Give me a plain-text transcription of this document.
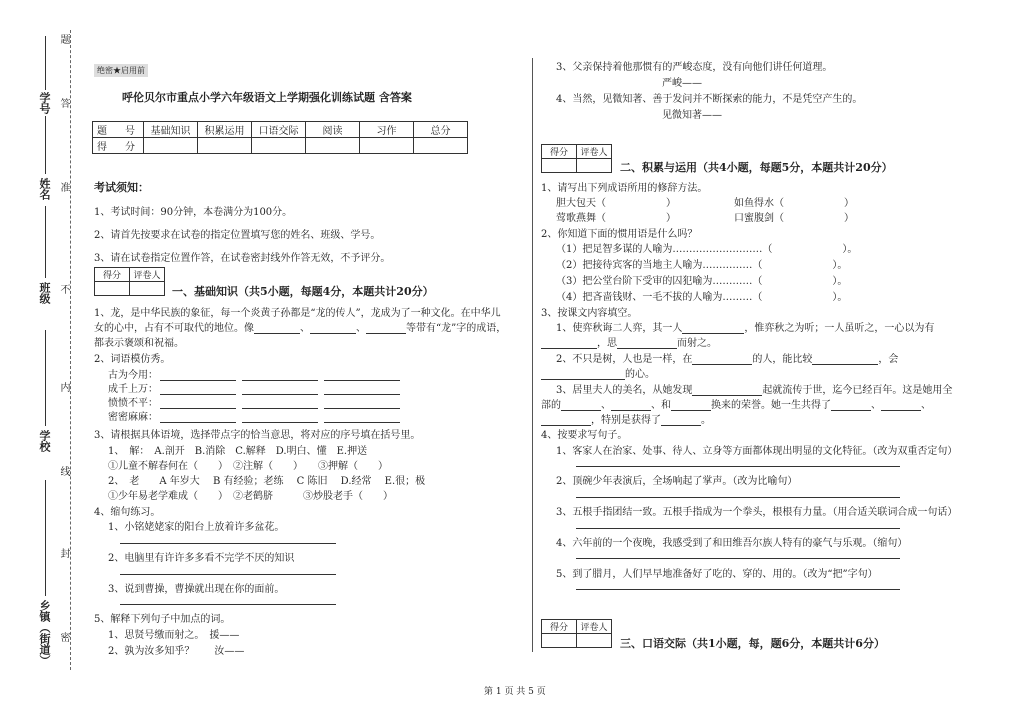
学号
姓名
班级
学校
乡镇（街道）
题
答
准
不
内
线
封
密
绝密★启用前
呼伦贝尔市重点小学六年级语文上学期强化训练试题 含答案
题　号	基础知识	积累运用	口语交际	阅读	习作	总分
得　分						
考试须知：
1、考试时间：90分钟，本卷满分为100分。
2、请首先按要求在试卷的指定位置填写您的姓名、班级、学号。
3、请在试卷指定位置作答，在试卷密封线外作答无效，不予评分。
得分	评卷人

一、基础知识（共5小题，每题4分，本题共计20分）
1、龙，是中华民族的象征，每一个炎黄子孙都是“龙的传人”，龙成为了一种文化。在中华儿
女的心中，占有不可取代的地位。像	、	、	等带有“龙”字的成语，
都表示褒颂和祝福。
2、词语模仿秀。
古为今用：
成千上万：
愤愤不平：
密密麻麻：
3、请根据具体语境，选择带点字的恰当意思，将对应的序号填在括号里。
1、　解：　A.剖开　B.消除　C.解释　D.明白、懂　E.押送
①儿童不解春何在（　　）　②注解（　　）　　③押解（　　）
2、　老　　A 年岁大　 B 有经验；老练　 C 陈旧　 D.经常　 E.很；极
①少年易老学难成（　　）　②老鹤脐　　　③炒股老手（　　）
4、缩句练习。
1、小铭姥姥家的阳台上放着许多盆花。
2、电脑里有许许多多看不完学不厌的知识
3、说到曹操，曹操就出现在你的面前。
5、解释下列句子中加点的词。
1、思贤号缴而射之。　援——
2、孰为汝多知乎？　　汝——
3、父亲保持着他那惯有的严峻态度，没有向他们讲任何道理。
严峻——
4、当然，见微知著、善于发问并不断探索的能力，不是凭空产生的。
见微知著——
得分	评卷人

二、积累与运用（共4小题，每题5分，本题共计20分）
1、请写出下列成语所用的修辞方法。
胆大包天（　　　　　　）	如鱼得水（　　　　　　）
莺歌燕舞（　　　　　　）	口蜜腹剑（　　　　　　）
2、你知道下面的惯用语是什么吗？
（1）把足智多谋的人喻为………………………（　　　　　　　）。
（2）把接待宾客的当地主人喻为……………（　　　　　　　）。
（3）把公堂台阶下受审的囚犯喻为…………（　　　　　　　）。
（4）把吝啬钱财、一毛不拔的人喻为………（　　　　　　　）。
3、按课文内容填空。
1、使弈秋诲二人弈，其一人	，惟弈秋之为听；一人虽听之，一心以为有
，思	而射之。
2、不只是树，人也是一样，在	的人，能比较	，会
的心。
3、居里夫人的美名，从她发现	起就流传于世，迄今已经百年。这是她用全
部的	、	、和	换来的荣誉。她一生共得了	、	、
，特别是获得了	。
4、按要求写句子。
1、客家人在治家、处事、待人、立身等方面都体现出明显的文化特征。（改为双重否定句）
2、顶碗少年表演后，全场响起了掌声。（改为比喻句）
3、五根手指团结一致。五根手指成为一个拳头，根根有力量。（用合适关联词合成一句话）
4、六年前的一个夜晚，我感受到了和田维吾尔族人特有的豪气与乐观。（缩句）
5、到了腊月，人们早早地准备好了吃的、穿的、用的。（改为“把”字句）
得分	评卷人

三、口语交际（共1小题，每，题6分，本题共计6分）
第 1 页 共 5 页
